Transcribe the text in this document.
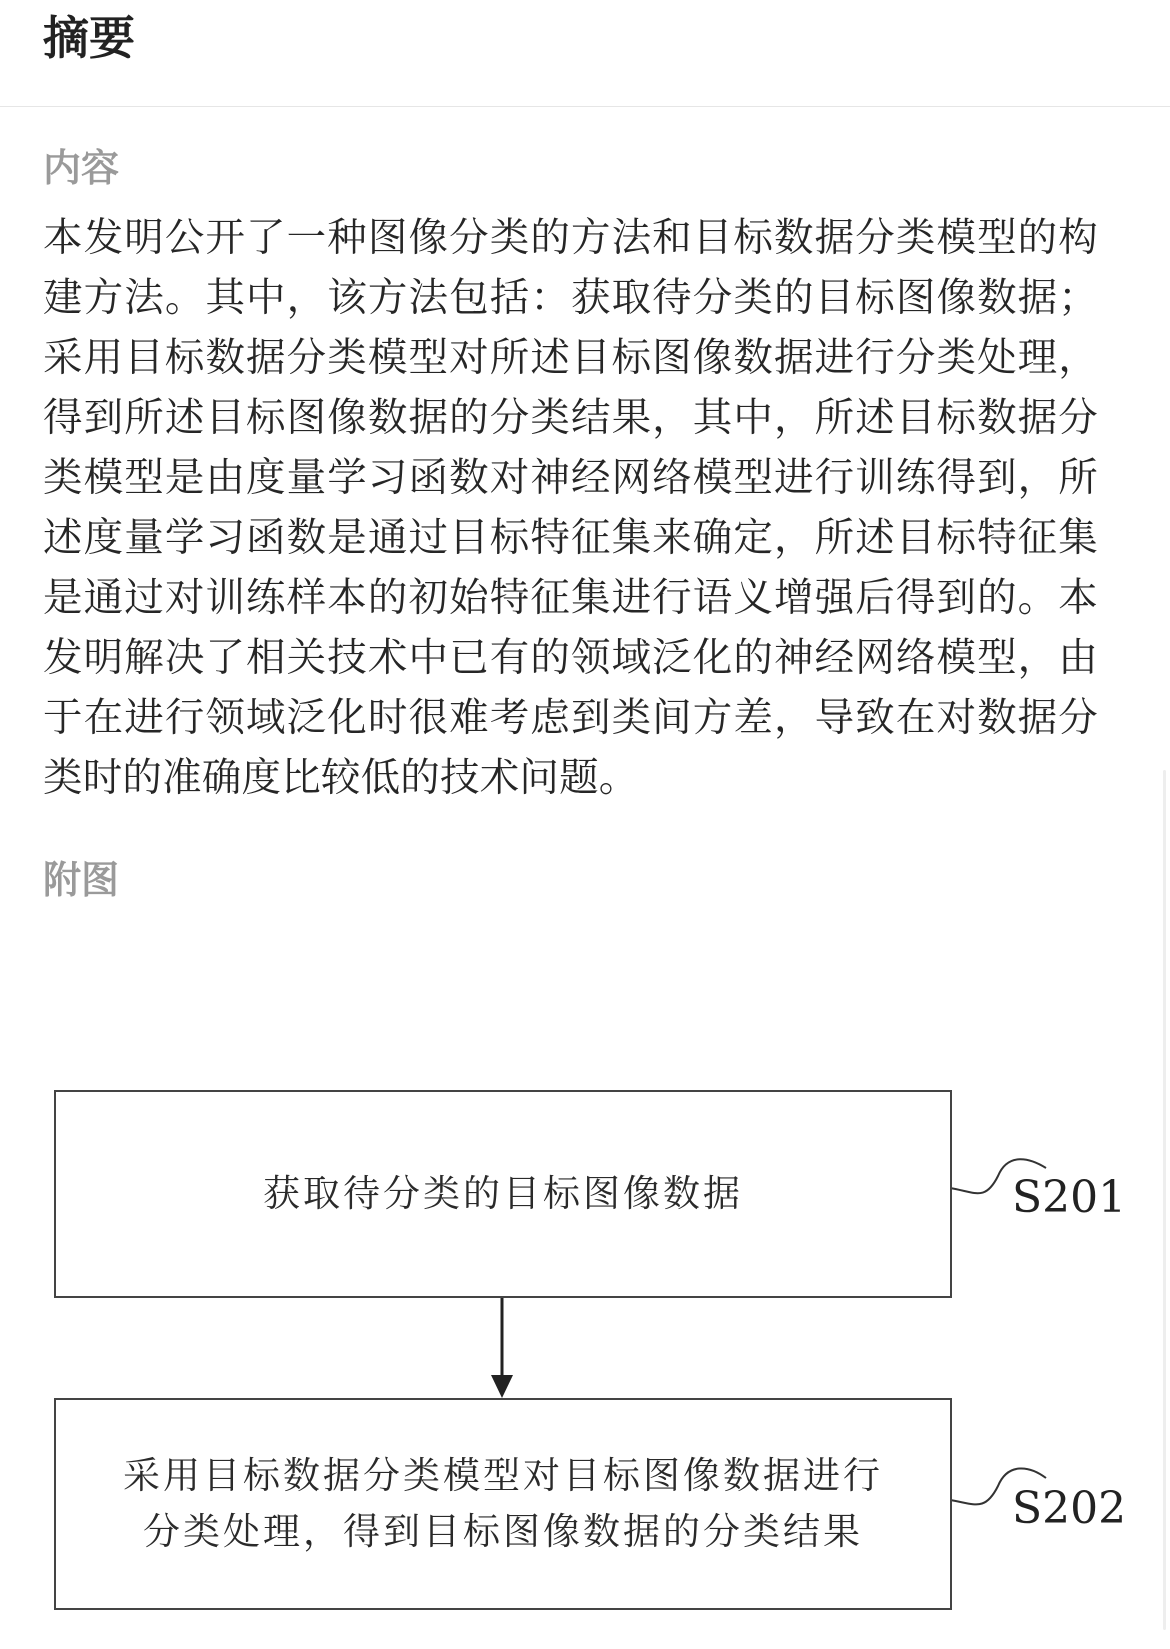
摘要
内容

本发明公开了一种图像分类的方法和目标数据分类模型的构建方法。其中，该方法包括：获取待分类的目标图像数据；采用目标数据分类模型对所述目标图像数据进行分类处理，得到所述目标图像数据的分类结果，其中，所述目标数据分类模型是由度量学习函数对神经网络模型进行训练得到，所述度量学习函数是通过目标特征集来确定，所述目标特征集是通过对训练样本的初始特征集进行语义增强后得到的。本发明解决了相关技术中已有的领域泛化的神经网络模型，由于在进行领域泛化时很难考虑到类间方差，导致在对数据分类时的准确度比较低的技术问题。

附图
获取待分类的目标图像数据	S201
采用目标数据分类模型对目标图像数据进行
分类处理，得到目标图像数据的分类结果	S202
